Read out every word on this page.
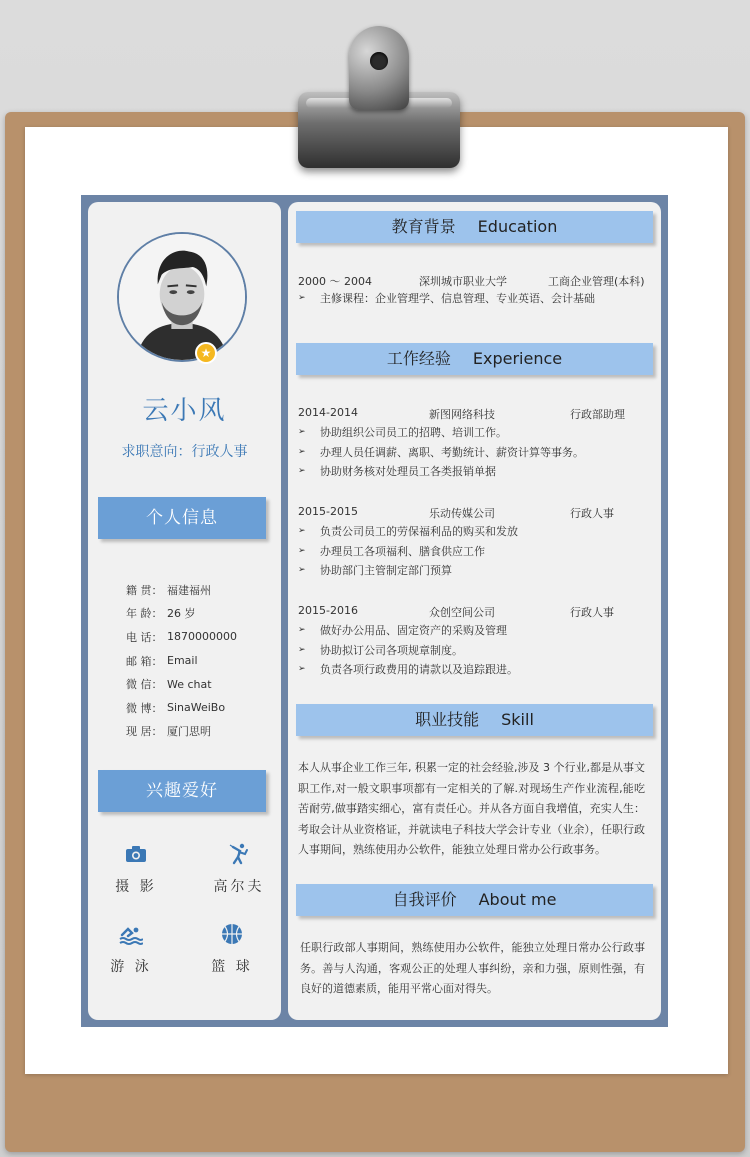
★
云小风
求职意向：行政人事
个人信息
籍 贯： 福建福州
年 龄： 26 岁
电 话： 1870000000
邮 箱： Email
微 信： We chat
微 博： SinaWeiBo
现 居： 厦门思明
兴趣爱好
摄 影	高尔夫
游 泳	篮 球
教育背景 Education
2000 ～ 2004	深圳城市职业大学	工商企业管理(本科)
➢	主修课程：企业管理学、信息管理、专业英语、会计基础
工作经验 Experience
2014-2014	新图网络科技	行政部助理
➢	协助组织公司员工的招聘、培训工作。
➢	办理人员任调薪、离职、考勤统计、薪资计算等事务。
➢	协助财务核对处理员工各类报销单据
2015-2015	乐动传媒公司	行政人事
➢	负责公司员工的劳保福利品的购买和发放
➢	办理员工各项福利、膳食供应工作
➢	协助部门主管制定部门预算
2015-2016	众创空间公司	行政人事
➢	做好办公用品、固定资产的采购及管理
➢	协助拟订公司各项规章制度。
➢	负责各项行政费用的请款以及追踪跟进。
职业技能 Skill
本人从事企业工作三年, 积累一定的社会经验,涉及 3 个行业,都是从事文职工作,对一般文职事项都有一定相关的了解.对现场生产作业流程,能吃苦耐劳,做事踏实细心，富有责任心。并从各方面自我增值，充实人生：考取会计从业资格证，并就读电子科技大学会计专业（业余），任职行政人事期间，熟练使用办公软件，能独立处理日常办公行政事务。
自我评价 About me
任职行政部人事期间，熟练使用办公软件，能独立处理日常办公行政事务。善与人沟通，客观公正的处理人事纠纷，亲和力强，原则性强，有良好的道德素质，能用平常心面对得失。
